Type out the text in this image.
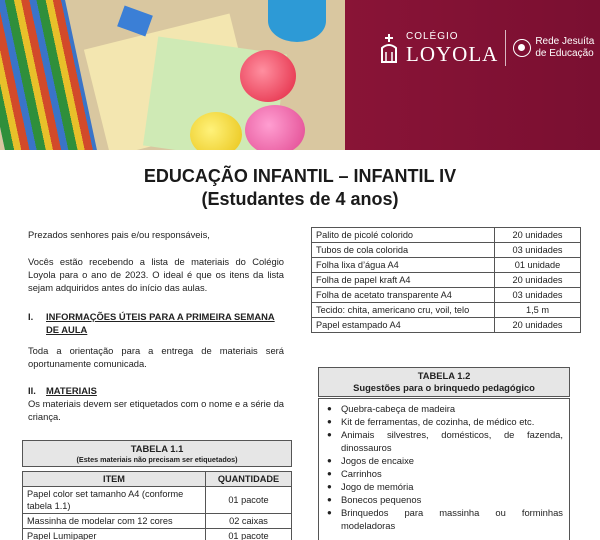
COLÉGIO
LOYOLA
Rede Jesuíta
de Educação
EDUCAÇÃO INFANTIL – INFANTIL IV
(Estudantes de 4 anos)

Prezados senhores pais e/ou responsáveis,

Vocês estão recebendo a lista de materiais do Colégio Loyola para o ano de 2023. O ideal é que os itens da lista sejam adquiridos antes do início das aulas.

I.	INFORMAÇÕES ÚTEIS PARA A PRIMEIRA SEMANA DE AULA

Toda a orientação para a entrega de materiais será oportunamente comunicada.

II.	MATERIAIS

Os materiais devem ser etiquetados com o nome e a série da criança.

TABELA 1.1
(Estes materiais não precisam ser etiquetados)
ITEM	QUANTIDADE
Papel color set tamanho A4 (conforme tabela 1.1)	01 pacote
Massinha de modelar com 12 cores	02 caixas
Papel Lumipaper	01 pacote
Palito de picolé colorido	20 unidades
Tubos de cola colorida	03 unidades
Folha lixa d’água A4	01 unidade
Folha de papel kraft A4	20 unidades
Folha de acetato transparente A4	03 unidades
Tecido: chita, americano cru, voil, telo	1,5 m
Papel estampado A4	20 unidades
TABELA 1.2
Sugestões para o brinquedo pedagógico
● Quebra-cabeça de madeira
● Kit de ferramentas, de cozinha, de médico etc.
● Animais silvestres, domésticos, de fazenda, dinossauros
● Jogos de encaixe
● Carrinhos
● Jogo de memória
● Bonecos pequenos
● Brinquedos para massinha ou forminhas modeladoras
